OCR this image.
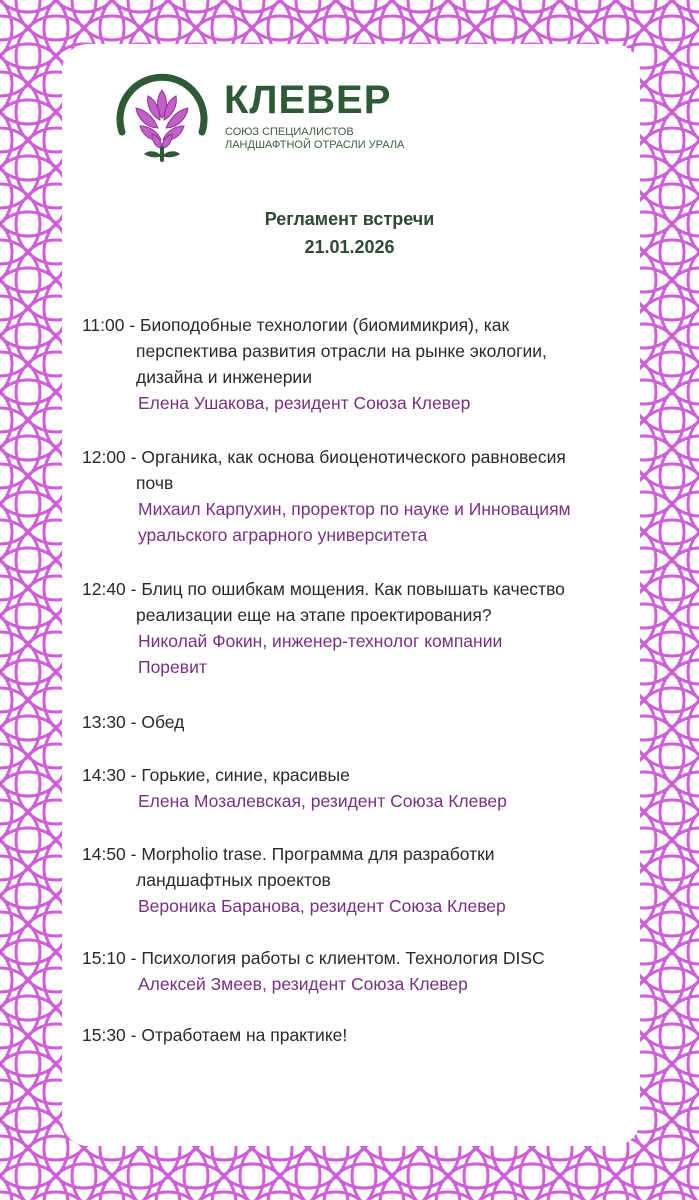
КЛЕВЕР
СОЮЗ СПЕЦИАЛИСТОВ
ЛАНДШАФТНОЙ ОТРАСЛИ УРАЛА
Регламент встречи
21.01.2026
11:00 - Биоподобные технологии (биомимикрия), как
перспектива развития отрасли на рынке экологии,
дизайна и инженерии
Елена Ушакова, резидент Союза Клевер
12:00 - Органика, как основа биоценотического равновесия
почв
Михаил Карпухин, проректор по науке и Инновациям
уральского аграрного университета
12:40 - Блиц по ошибкам мощения. Как повышать качество
реализации еще на этапе проектирования?
Николай Фокин, инженер-технолог компании
Поревит
13:30 - Обед
14:30 - Горькие, синие, красивые
Елена Мозалевская, резидент Союза Клевер
14:50 - Morpholio trase. Программа для разработки
ландшафтных проектов
Вероника Баранова, резидент Союза Клевер
15:10 - Психология работы с клиентом. Технология DISC
Алексей Змеев, резидент Союза Клевер
15:30 - Отработаем на практике!
